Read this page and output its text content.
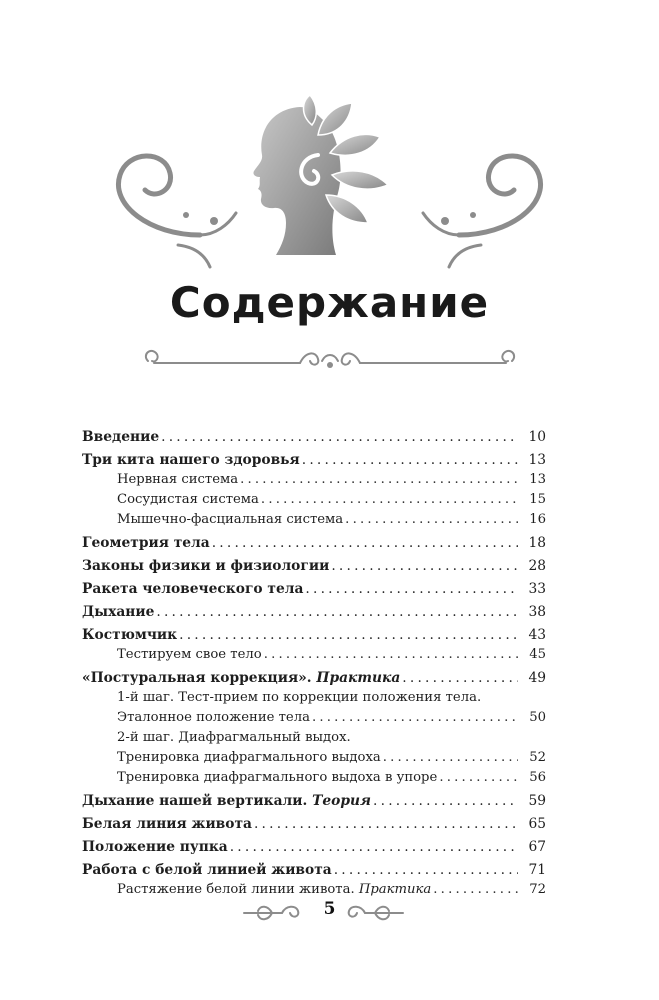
Содержание
Введение .....	10
Три кита нашего здоровья .....	13
Нервная система .....	13
Сосудистая система .....	15
Мышечно-фасциальная система .....	16
Геометрия тела .....	18
Законы физики и физиологии .....	28
Ракета человеческого тела .....	33
Дыхание .....	38
Костюмчик .....	43
Тестируем свое тело .....	45
«Постуральная коррекция». Практика .....	49
1-й шаг. Тест-прием по коррекции положения тела.
Эталонное положение тела .....	50
2-й шаг. Диафрагмальный выдох.
Тренировка диафрагмального выдоха .....	52
Тренировка диафрагмального выдоха в упоре .....	56
Дыхание нашей вертикали. Теория .....	59
Белая линия живота .....	65
Положение пупка .....	67
Работа с белой линией живота .....	71
Растяжение белой линии живота. Практика .....	72
5
